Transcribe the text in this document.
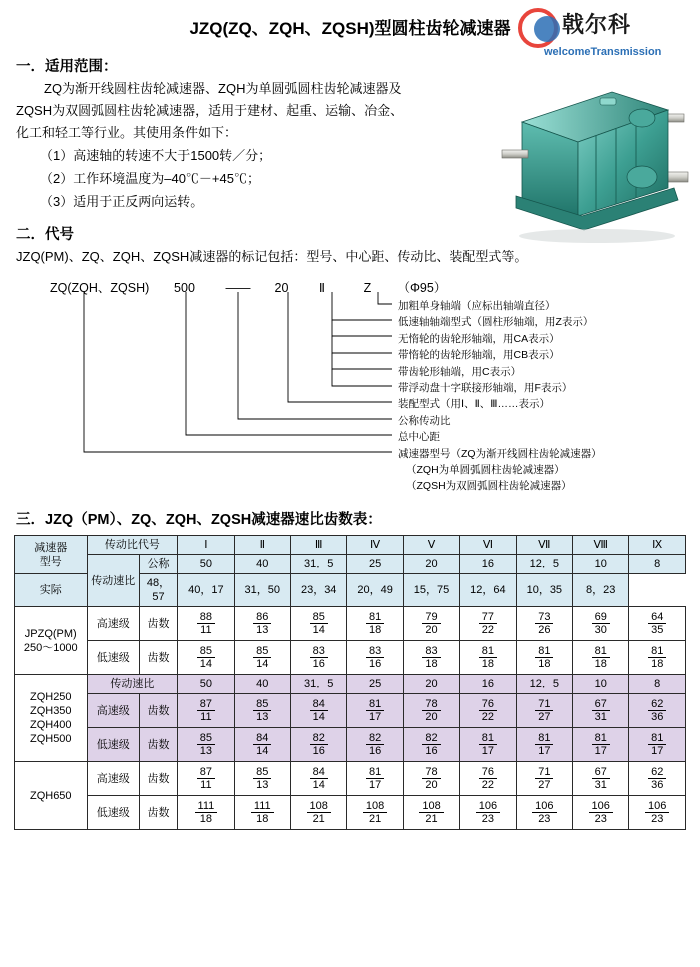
JZQ(ZQ、ZQH、ZQSH)型圆柱齿轮减速器	戟尔科
welcomeTransmission
一．适用范围：
ZQ为渐开线圆柱齿轮减速器、ZQH为单圆弧圆柱齿轮减速器及
ZQSH为双圆弧圆柱齿轮减速器，适用于建材、起重、运输、冶金、
化工和轻工等行业。其使用条件如下：
（1）高速轴的转速不大于1500转／分；
（2）工作环境温度为–40℃－+45℃；
（3）适用于正反两向运转。
二．代号
JZQ(PM)、ZQ、ZQH、ZQSH减速器的标记包括：型号、中心距、传动比、装配型式等。
ZQ(ZQH、ZQSH) 500 —— 20 Ⅱ	Z （Φ95）
加粗单身轴端（应标出轴端直径）
低速轴轴端型式（圆柱形轴端，用Z表示）
无惰轮的齿轮形轴端，用CA表示）
带惰轮的齿轮形轴端，用CB表示）
带齿轮形轴端，用C表示）
带浮动盘十字联接形轴端，用F表示）
装配型式（用Ⅰ、Ⅱ、Ⅲ……表示）
公称传动比
总中心距
减速器型号（ZQ为渐开线圆柱齿轮减速器）
（ZQH为单圆弧圆柱齿轮减速器）
（ZQSH为双圆弧圆柱齿轮减速器）
三．JZQ（PM）、ZQ、ZQH、ZQSH减速器速比齿数表：
减速器
型号	传动比代号		Ⅰ	Ⅱ	Ⅲ	Ⅳ	Ⅴ	Ⅵ	Ⅶ	Ⅷ	Ⅸ
	传动速比	公称	50	40	31．5	25	20	16	12．5	10	8
实际		48，57	40，17	31，50	23，34	20，49	15，75	12，64	10，35	8，23	

JPZQ(PM)
250～1000
	高速级	齿数	$\frac{88}{11}$	$\frac{86}{13}$	$\frac{85}{14}$	$\frac{81}{18}$	$\frac{79}{20}$	$\frac{77}{22}$	$\frac{73}{26}$	$\frac{69}{30}$	$\frac{64}{35}$

	低速级	齿数	$\frac{85}{14}$	$\frac{85}{14}$	$\frac{83}{16}$	$\frac{83}{16}$	$\frac{83}{18}$	$\frac{81}{18}$	$\frac{81}{18}$	$\frac{81}{18}$	$\frac{81}{18}$

ZQH250
ZQH350
ZQH400
ZQH500	传动速比		50	40	31．5	25	20	16	12．5	10	8
	高速级	齿数	$\frac{87}{11}$	$\frac{85}{13}$	$\frac{84}{14}$	$\frac{81}{17}$	$\frac{78}{20}$	$\frac{76}{22}$	$\frac{71}{27}$	$\frac{67}{31}$	$\frac{62}{36}$

	低速级	齿数	$\frac{85}{13}$	$\frac{84}{14}$	$\frac{82}{16}$	$\frac{82}{16}$	$\frac{82}{16}$	$\frac{81}{17}$	$\frac{81}{17}$	$\frac{81}{17}$	$\frac{81}{17}$

ZQH650	高速级	齿数	$\frac{87}{11}$	$\frac{85}{13}$	$\frac{84}{14}$	$\frac{81}{17}$	$\frac{78}{20}$	$\frac{76}{22}$	$\frac{71}{27}$	$\frac{67}{31}$	$\frac{62}{36}$

	低速级	齿数	$\frac{111}{18}$	$\frac{111}{18}$	$\frac{108}{21}$	$\frac{108}{21}$	$\frac{108}{21}$	$\frac{106}{23}$	$\frac{106}{23}$	$\frac{106}{23}$	$\frac{106}{23}$
